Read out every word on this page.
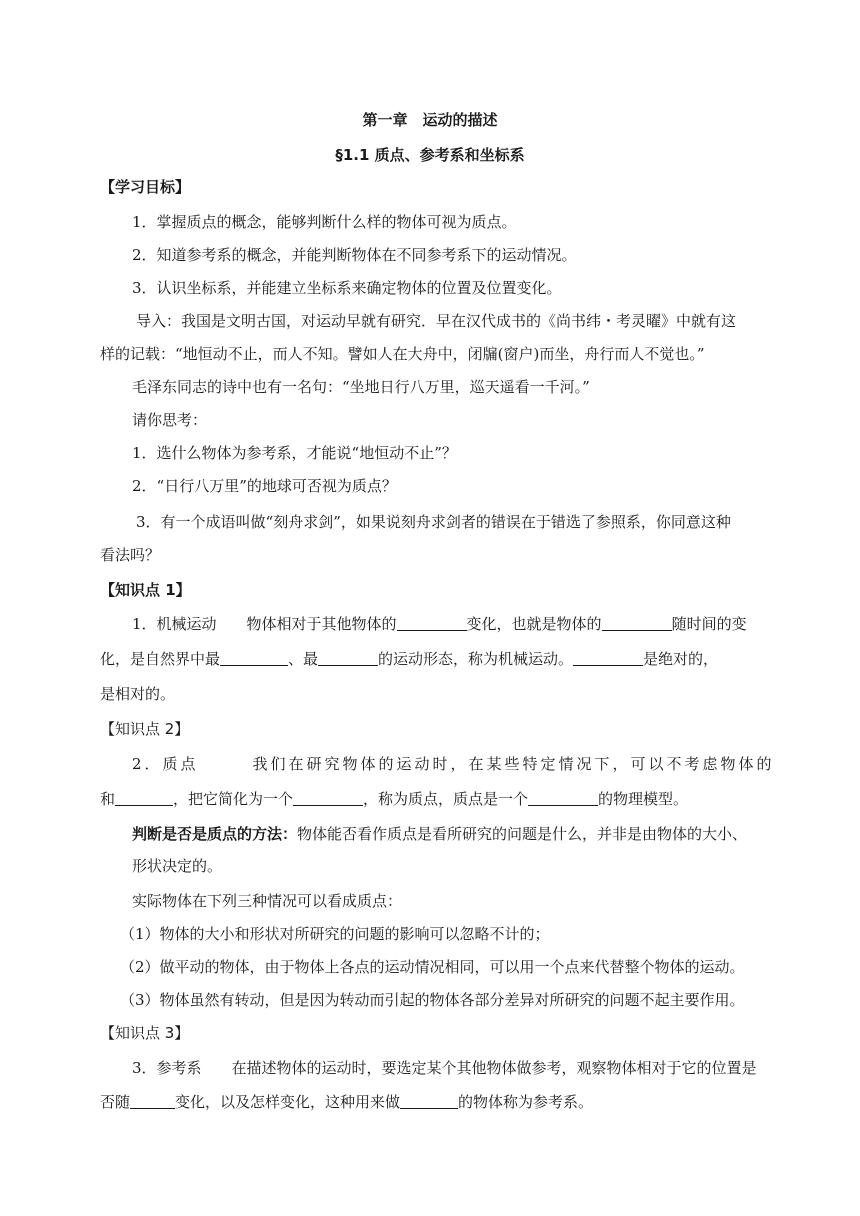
第一章　运动的描述
§1.1 质点、参考系和坐标系
【学习目标】
1．掌握质点的概念，能够判断什么样的物体可视为质点。
2．知道参考系的概念，并能判断物体在不同参考系下的运动情况。
3．认识坐标系，并能建立坐标系来确定物体的位置及位置变化。
导入：我国是文明古国，对运动早就有研究．早在汉代成书的《尚书纬・考灵曜》中就有这
样的记载：“地恒动不止，而人不知。譬如人在大舟中，闭牖(窗户)而坐，舟行而人不觉也。”
毛泽东同志的诗中也有一名句：“坐地日行八万里，巡天遥看一千河。”
请你思考：
1．选什么物体为参考系，才能说“地恒动不止”？
2．“日行八万里”的地球可否视为质点？
3．有一个成语叫做“刻舟求剑”，如果说刻舟求剑者的错误在于错选了参照系，你同意这种
看法吗？
【知识点 1】
1．机械运动　　物体相对于其他物体的	变化，也就是物体的	随时间的变
化，是自然界中最	、最	的运动形态，称为机械运动。	是绝对的，
是相对的。
【知识点 2】
2．质点　　　我们在研究物体的运动时，在某些特定情况下，可以不考虑物体的
和	，把它简化为一个	，称为质点，质点是一个	的物理模型。
判断是否是质点的方法：物体能否看作质点是看所研究的问题是什么，并非是由物体的大小、
形状决定的。
实际物体在下列三种情况可以看成质点：
（1）物体的大小和形状对所研究的问题的影响可以忽略不计的；
（2）做平动的物体，由于物体上各点的运动情况相同，可以用一个点来代替整个物体的运动。
（3）物体虽然有转动，但是因为转动而引起的物体各部分差异对所研究的问题不起主要作用。
【知识点 3】
3．参考系　　在描述物体的运动时，要选定某个其他物体做参考，观察物体相对于它的位置是
否随	变化，以及怎样变化，这种用来做	的物体称为参考系。
